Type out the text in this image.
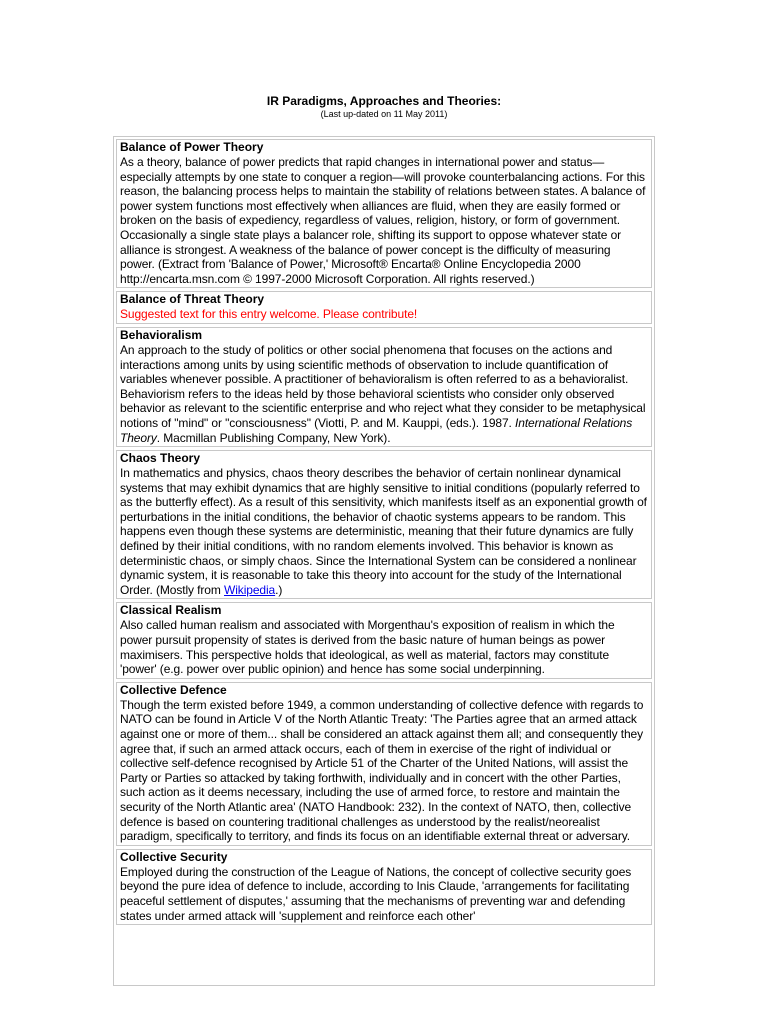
IR Paradigms, Approaches and Theories:
(Last up-dated on 11 May 2011)
Balance of Power Theory
As a theory, balance of power predicts that rapid changes in international power and status—especially attempts by one state to conquer a region—will provoke counterbalancing actions. For this reason, the balancing process helps to maintain the stability of relations between states. A balance of power system functions most effectively when alliances are fluid, when they are easily formed or broken on the basis of expediency, regardless of values, religion, history, or form of government. Occasionally a single state plays a balancer role, shifting its support to oppose whatever state or alliance is strongest. A weakness of the balance of power concept is the difficulty of measuring power. (Extract from 'Balance of Power,' Microsoft® Encarta® Online Encyclopedia 2000 http://encarta.msn.com © 1997-2000 Microsoft Corporation. All rights reserved.)
Balance of Threat Theory
Suggested text for this entry welcome. Please contribute!
Behavioralism
An approach to the study of politics or other social phenomena that focuses on the actions and interactions among units by using scientific methods of observation to include quantification of variables whenever possible. A practitioner of behavioralism is often referred to as a behavioralist. Behaviorism refers to the ideas held by those behavioral scientists who consider only observed behavior as relevant to the scientific enterprise and who reject what they consider to be metaphysical notions of "mind" or "consciousness" (Viotti, P. and M. Kauppi, (eds.). 1987. International Relations Theory. Macmillan Publishing Company, New York).
Chaos Theory
In mathematics and physics, chaos theory describes the behavior of certain nonlinear dynamical systems that may exhibit dynamics that are highly sensitive to initial conditions (popularly referred to as the butterfly effect). As a result of this sensitivity, which manifests itself as an exponential growth of perturbations in the initial conditions, the behavior of chaotic systems appears to be random. This happens even though these systems are deterministic, meaning that their future dynamics are fully defined by their initial conditions, with no random elements involved. This behavior is known as deterministic chaos, or simply chaos. Since the International System can be considered a nonlinear dynamic system, it is reasonable to take this theory into account for the study of the International Order. (Mostly from Wikipedia.)
Classical Realism
Also called human realism and associated with Morgenthau's exposition of realism in which the power pursuit propensity of states is derived from the basic nature of human beings as power maximisers. This perspective holds that ideological, as well as material, factors may constitute 'power' (e.g. power over public opinion) and hence has some social underpinning.
Collective Defence
Though the term existed before 1949, a common understanding of collective defence with regards to NATO can be found in Article V of the North Atlantic Treaty: 'The Parties agree that an armed attack against one or more of them... shall be considered an attack against them all; and consequently they agree that, if such an armed attack occurs, each of them in exercise of the right of individual or collective self-defence recognised by Article 51 of the Charter of the United Nations, will assist the Party or Parties so attacked by taking forthwith, individually and in concert with the other Parties, such action as it deems necessary, including the use of armed force, to restore and maintain the security of the North Atlantic area' (NATO Handbook: 232). In the context of NATO, then, collective defence is based on countering traditional challenges as understood by the realist/neorealist paradigm, specifically to territory, and finds its focus on an identifiable external threat or adversary.
Collective Security
Employed during the construction of the League of Nations, the concept of collective security goes beyond the pure idea of defence to include, according to Inis Claude, 'arrangements for facilitating peaceful settlement of disputes,' assuming that the mechanisms of preventing war and defending states under armed attack will 'supplement and reinforce each other'
